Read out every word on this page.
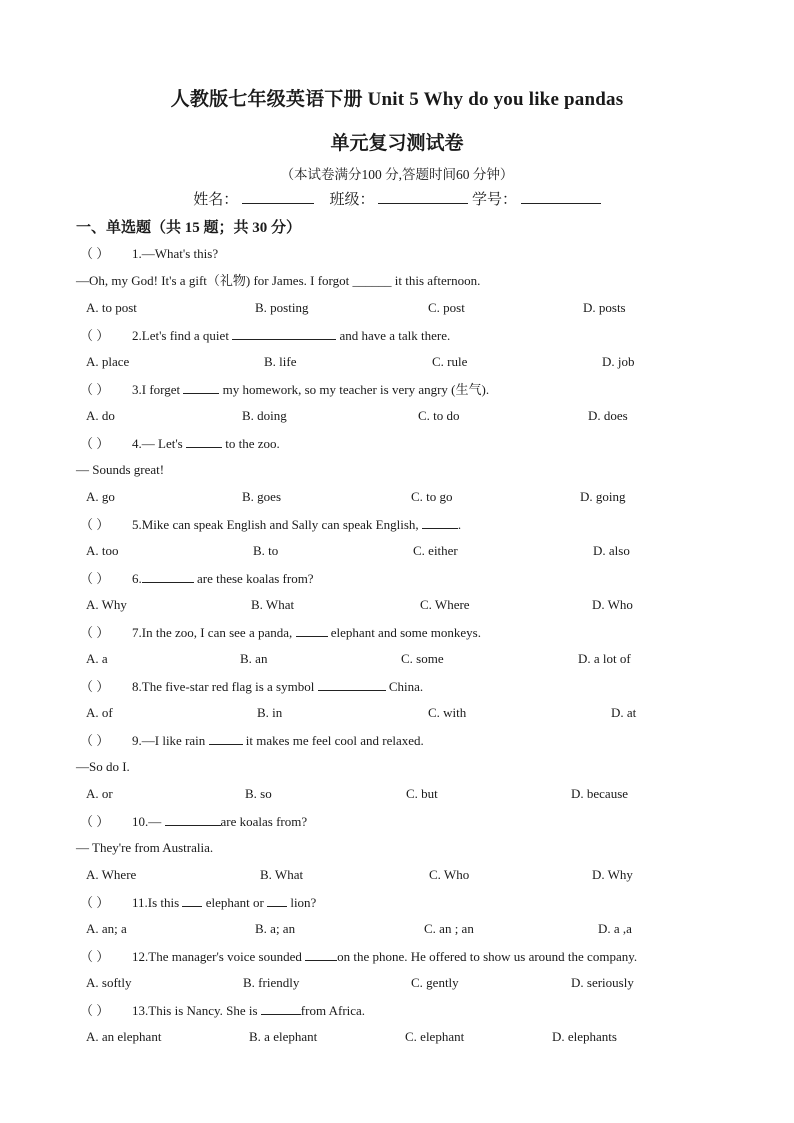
人教版七年级英语下册 Unit 5 Why do you like pandas
单元复习测试卷
（本试卷满分100 分,答题时间60 分钟）
姓名：	班级：	学号：
一、单选题（共 15 题；共 30 分）
（ ） 1.—What's this?
—Oh, my God! It's a gift（礼物) for James. I forgot ______ it this afternoon.
A. to post	B. posting	C. post	D. posts
（ ） 2.Let's find a quiet	and have a talk there.
A. place	B. life	C. rule	D. job
（ ） 3.I forget	my homework, so my teacher is very angry (生气).
A. do	B. doing	C. to do	D. does
（ ） 4.— Let's	to the zoo.
— Sounds great!
A. go	B. goes	C. to go	D. going
（ ） 5.Mike can speak English and Sally can speak English,	.
A. too	B. to	C. either	D. also
（ ） 6.	are these koalas from?
A. Why	B. What	C. Where	D. Who
（ ） 7.In the zoo, I can see a panda,  elephant and some monkeys.
A. a	B. an	C. some	D. a lot of
（ ） 8.The five-star red flag is a symbol	China.
A. of	B. in	C. with	D. at
（ ） 9.—I like rain	it makes me feel cool and relaxed.
—So do I.
A. or	B. so	C. but	D. because
（ ） 10.—	are koalas from?
— They're from Australia.
A. Where	B. What	C. Who	D. Why
（ ） 11.Is this  elephant or  lion?
A. an; a	B. a; an	C. an ; an	D. a ,a
（ ） 12.The manager's voice sounded on the phone. He offered to show us around the company.
A. softly	B. friendly	C. gently	D. seriously
（ ） 13.This is Nancy. She is	from Africa.
A. an elephant	B. a elephant	C. elephant	D. elephants
